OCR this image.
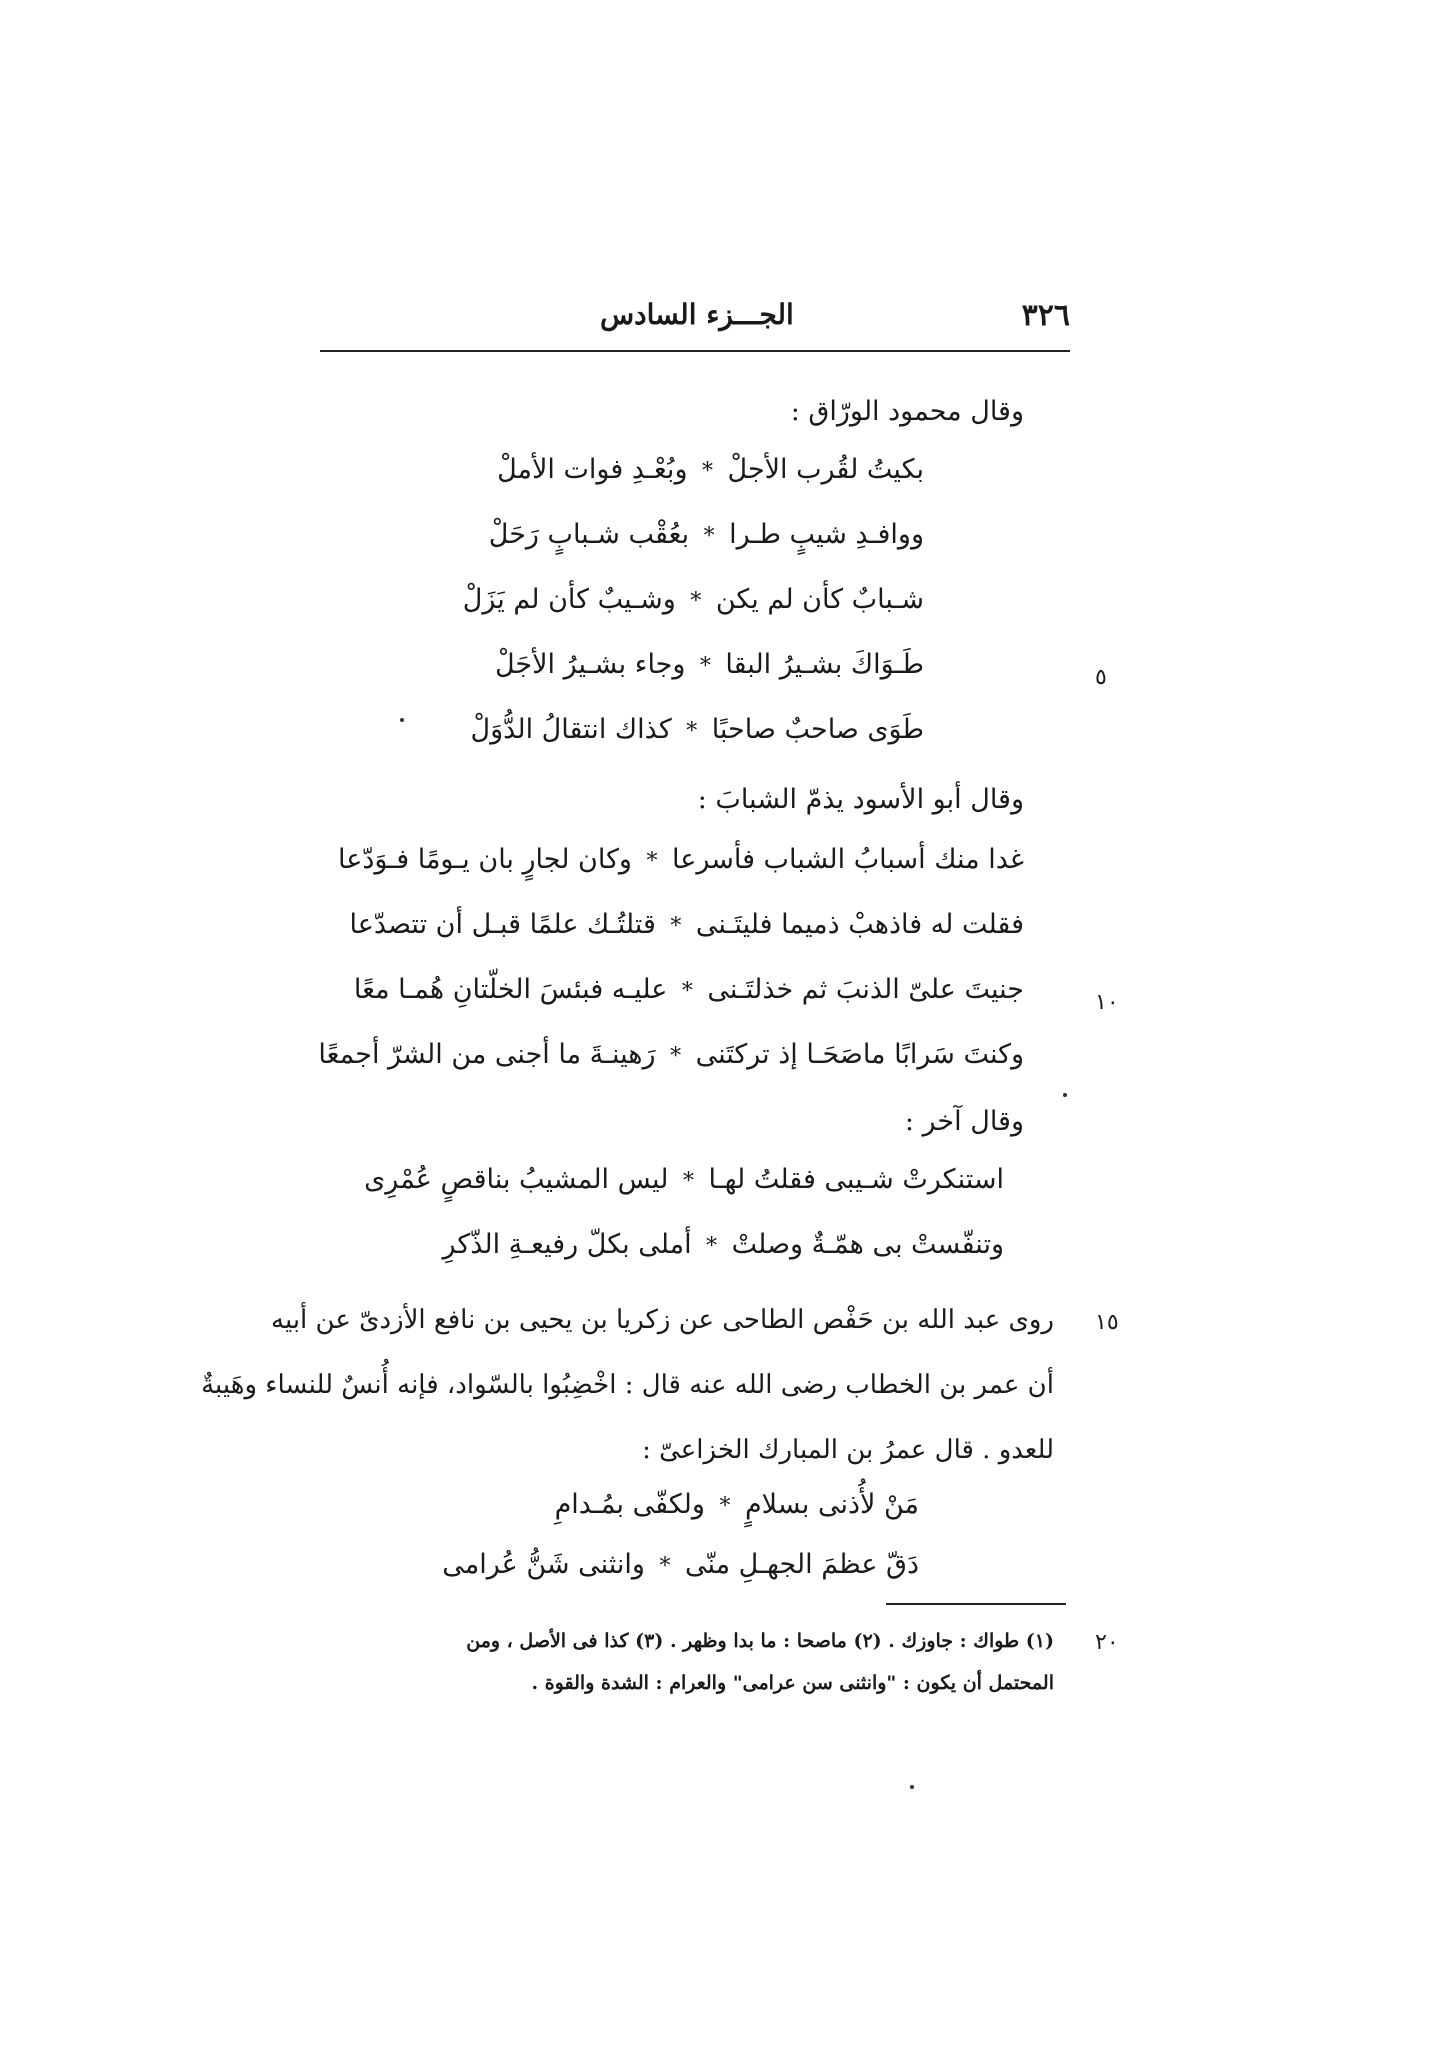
٣٢٦
الجـــزء السادس
وقال محمود الورّاق :
بكيتُ لقُرب الأجلْ*وبُعْـدِ فوات الأملْ
ووافـدِ شيبٍ طـرا*بعُقْب شـبابٍ رَحَلْ
شـبابٌ كأن لم يكن*وشـيبٌ كأن لم يَزَلْ
طَـوَاكَ بشـيرُ البقا*وجاء بشـيرُ الأجَلْ
طَوَى صاحبٌ صاحبًا*كذاك انتقالُ الدُّوَلْ
وقال أبو الأسود يذمّ الشبابَ :
غدا منك أسبابُ الشباب فأسرعا*وكان لجارٍ بان يـومًا فـوَدّعا
فقلت له فاذهبْ ذميما فليتَـنى*قتلتُـك علمًا قبـل أن تتصدّعا
جنيتَ علىّ الذنبَ ثم خذلتَـنى*عليـه فبئسَ الخلّتانِ هُمـا معًا
وكنتَ سَرابًا ماصَحَـا إذ تركتَنى*رَهينـةَ ما أجنى من الشرّ أجمعًا
وقال آخر :
استنكرتْ شـيبى فقلتُ لهـا*ليس المشيبُ بناقصٍ عُمْرِى
وتنفّستْ بى همّـةٌ وصلتْ*أملى بكلّ رفيعـةِ الذّكرِ
روى عبد الله بن حَفْص الطاحى عن زكريا بن يحيى بن نافع الأزدىّ عن أبيه
أن عمر بن الخطاب رضى الله عنه قال : اخْضِبُوا بالسّواد، فإنه أُنسٌ للنساء وهَيبةٌ
للعدو . قال عمرُ بن المبارك الخزاعىّ :
مَنْ لأُذنى بسلامٍ*ولكفّى بمُـدامِ
دَقّ عظمَ الجهـلِ منّى*وانثنى شَنُّ عُرامى
٥
١٠
١٥
٢٠
(١) طواك : جاوزك . (٢) ماصحا : ما بدا وظهر . (٣) كذا فى الأصل ، ومن
المحتمل أن يكون : "وانثنى سن عرامى" والعرام : الشدة والقوة .
